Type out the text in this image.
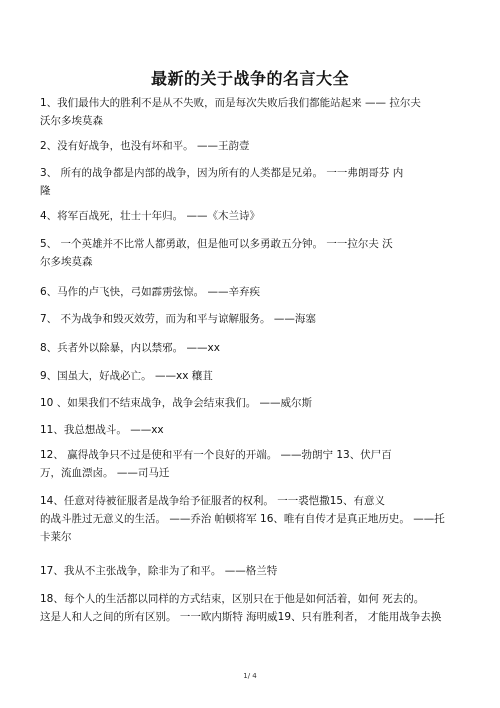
最新的关于战争的名言大全
1、我们最伟大的胜利不是从不失败，而是每次失败后我们都能站起来 —— 拉尔夫
沃尔多埃莫森
2、没有好战争，也没有坏和平。 ——王韵壹
3、 所有的战争都是内部的战争，因为所有的人类都是兄弟。 一一弗朗哥芬 内
隆
4、将军百战死，壮士十年归。 ——《木兰诗》
5、 一个英雄并不比常人都勇敢，但是他可以多勇敢五分钟。 一一拉尔夫 沃
尔多埃莫森
6、马作的卢飞快，弓如霹雳弦惊。 ——辛弃疾
7、 不为战争和毁灭效劳，而为和平与谅解服务。 ——海塞
8、兵者外以除暴，内以禁邪。 ——xx
9、国虽大，好战必亡。 ——xx 穰苴
10 、如果我们不结束战争，战争会结束我们。 ——威尔斯
11、我总想战斗。 ——xx
12、 赢得战争只不过是使和平有一个良好的开端。 ——勃朗宁 13、伏尸百
万，流血漂卤。 ——司马迁
14、任意对待被征服者是战争给予征服者的权利。 一一裘恺撒15、有意义
的战斗胜过无意义的生活。 ——乔治 帕顿将军 16、唯有自传才是真正地历史。 ——托
卡莱尔
17、我从不主张战争，除非为了和平。 ——格兰特
18、每个人的生活都以同样的方式结束，区别只在于他是如何活着，如何 死去的。
这是人和人之间的所有区别。 一一欧内斯特 海明威19、只有胜利者， 才能用战争去换
1/ 4
